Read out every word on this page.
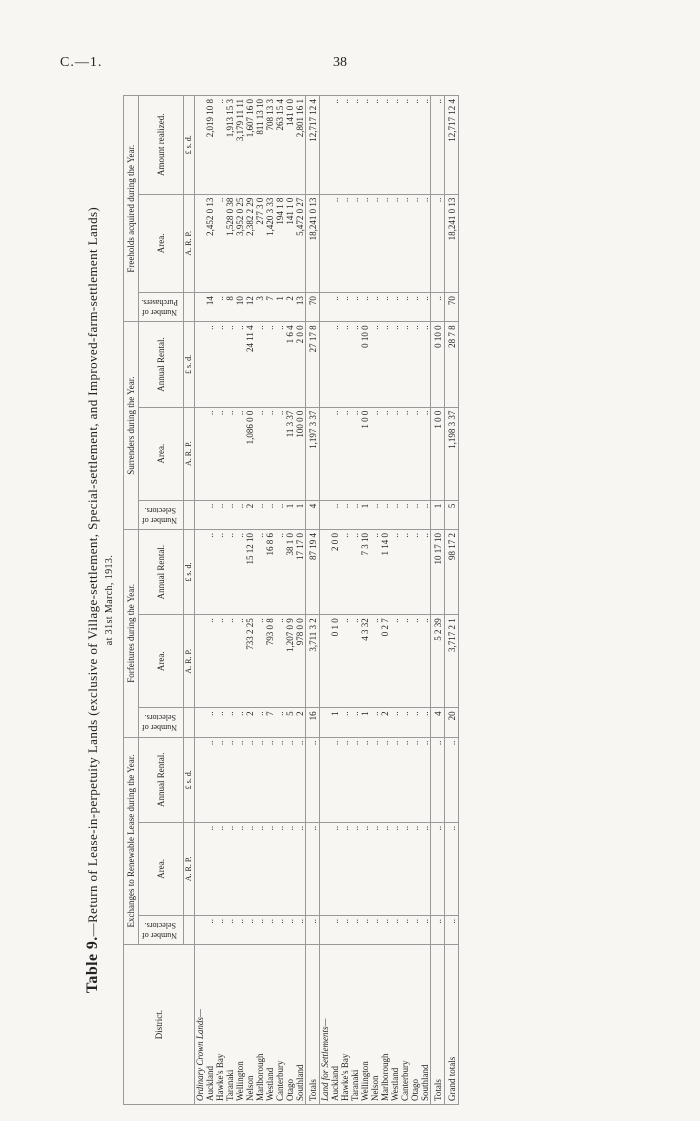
C.—1.	38
Table 9.—Return of Lease-in-perpetuity Lands (exclusive of Village-settlement, Special-settlement, and Improved-farm-settlement Lands) at 31st March, 1913.
District.	Exchanges to Renewable Lease during the Year.			Forfeitures during the Year.			Surrenders during the Year.			Freeholds acquired during the Year.		
	Number of Selectors.	Area.	Annual Rental.	Number of Selectors.	Area.	Annual Rental.	Number of Selectors.	Area.	Annual Rental.	Number of Purchasers.	Area.	Amount realized.
		A. R. P.	£ s. d.		A. R. P.	£ s. d.		A. R. P.	£ s. d.		A. R. P.	£ s. d.
Ordinary Crown Lands—												
Auckland	..	..	..	..	..	..	..	..	..	14	2,452 0 13	2,019 10 8
Hawke's Bay	..	..	..	..	..	..	..	..	..	..	..	..
Taranaki	..	..	..	..	..	..	..	..	..	8	1,528 0 38	1,913 15 3
Wellington	..	..	..	..	..	..	..	..	..	10	3,952 0 25	3,179 11 11
Nelson	..	..	..	2	733 2 25	15 12 10	2	1,086 0 0	24 11 4	12	2,382 2 29	1,607 16 0
Marlborough	..	..	..	..	..	..	..	..	..	3	277 3 0	811 13 10
Westland	..	..	..	7	793 0 8	16 8 6	..	..	..	7	1,420 3 33	708 13 3
Canterbury	..	..	..	..	..	..	..	..	..	1	194 1 8	263 15 4
Otago	..	..	..	5	1,207 0 9	38 1 0	1	11 3 37	1 6 4	2	141 1 0	141 0 0
Southland	..	..	..	2	978 0 0	17 17 0	1	100 0 0	2 0 0	13	5,472 0 27	2,801 16 1
Totals	..	..	..	16	3,711 3 2	87 19 4	4	1,197 3 37	27 17 8	70	18,241 0 13	12,717 12 4
Land for Settlements—												
Auckland	..	..	..	1	0 1 0	2 0 0	..	..	..	..	..	..
Hawke's Bay	..	..	..	..	..	..	..	..	..	..	..	..
Taranaki	..	..	..	..	..	..	..	..	..	..	..	..
Wellington	..	..	..	1	4 3 32	7 3 10	1	1 0 0	0 10 0	..	..	..
Nelson	..	..	..	..	..	..	..	..	..	..	..	..
Marlborough	..	..	..	2	0 2 7	1 14 0	..	..	..	..	..	..
Westland	..	..	..	..	..	..	..	..	..	..	..	..
Canterbury	..	..	..	..	..	..	..	..	..	..	..	..
Otago	..	..	..	..	..	..	..	..	..	..	..	..
Southland	..	..	..	..	..	..	..	..	..	..	..	..
Totals	..	..	..	4	5 2 39	10 17 10	1	1 0 0	0 10 0	..	..	..
Grand totals	..	..	..	20	3,717 2 1	98 17 2	5	1,198 3 37	28 7 8	70	18,241 0 13	12,717 12 4
